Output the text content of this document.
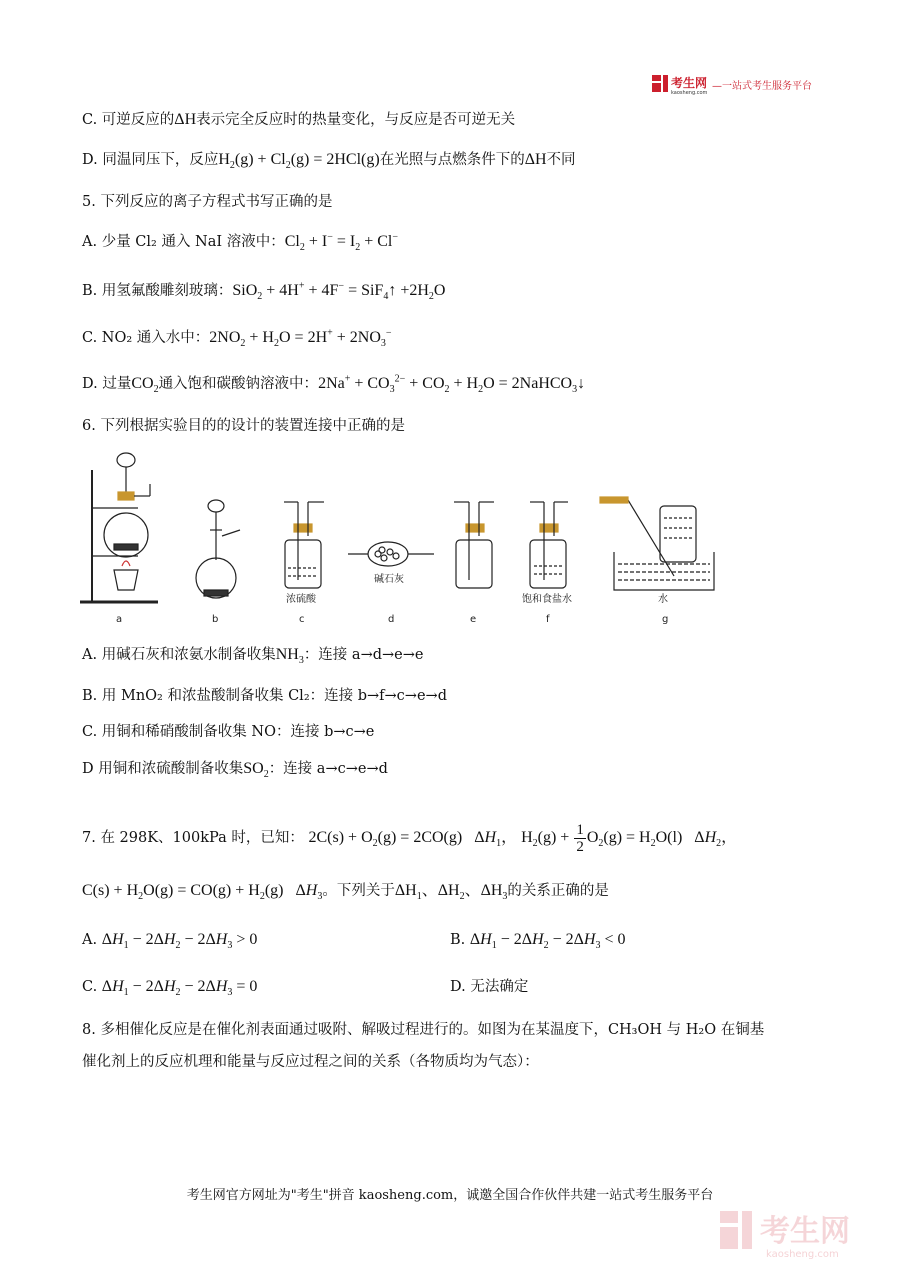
考生网
kaosheng.com
一站式考生服务平台
—
C. 可逆反应的ΔH表示完全反应时的热量变化，与反应是否可逆无关
D. 同温同压下，反应$H_2(g) + Cl_2(g) = 2HCl(g)$在光照与点燃条件下的ΔH不同
5. 下列反应的离子方程式书写正确的是
A. 少量 Cl₂ 通入 NaI 溶液中：$Cl_2 + I^- = I_2 + Cl^-$
B. 用氢氟酸雕刻玻璃：SiO$_2$ + 4H+ + 4F− = SiF$_4$↑ $+2H_2O$
C. NO₂ 通入水中：$2NO_2 + H_2O = 2H^+ + 2NO_3^-$
D. 过量$CO_2$通入饱和碳酸钠溶液中：$2Na^+ + CO_3^{2-} + CO_2 + H_2O$ = 2NaHCO$_3$↓
6. 下列根据实验目的的设计的装置连接中正确的是
a	b
浓硫酸
c
碱石灰
d	e
饱和食盐水
f
水
g
A. 用碱石灰和浓氨水制备收集$NH_3$：连接 a→d→e→e
B. 用 MnO₂ 和浓盐酸制备收集 Cl₂：连接 b→f→c→e→d
C. 用铜和稀硝酸制备收集 NO：连接 b→c→e
D 用铜和浓硫酸制备收集$SO_2$：连接 a→c→e→d
7. 在 298K、100kPa 时，已知： $2C(s) + O_2(g) = 2CO(g)$   $\Delta H_1$， $H_2(g) + \frac{1}{2} O_2(g) = H_2O(l)$   $\Delta H_2$，
$C(s) + H_2O(g) = CO(g) + H_2(g)$   $\Delta H_3$。下列关于$\Delta H_1$、$\Delta H_2$、$\Delta H_3$的关系正确的是
A. $\Delta H_1 - 2\Delta H_2 - 2\Delta H_3 > 0$	B. $\Delta H_1 - 2\Delta H_2 - 2\Delta H_3 < 0$
C. $\Delta H_1 - 2\Delta H_2 - 2\Delta H_3 = 0$	D. 无法确定
8. 多相催化反应是在催化剂表面通过吸附、解吸过程进行的。如图为在某温度下，CH₃OH 与 H₂O 在铜基
催化剂上的反应机理和能量与反应过程之间的关系（各物质均为气态）：
考生网官方网址为"考生"拼音 kaosheng.com，诚邀全国合作伙伴共建一站式考生服务平台
考生网
kaosheng.com
